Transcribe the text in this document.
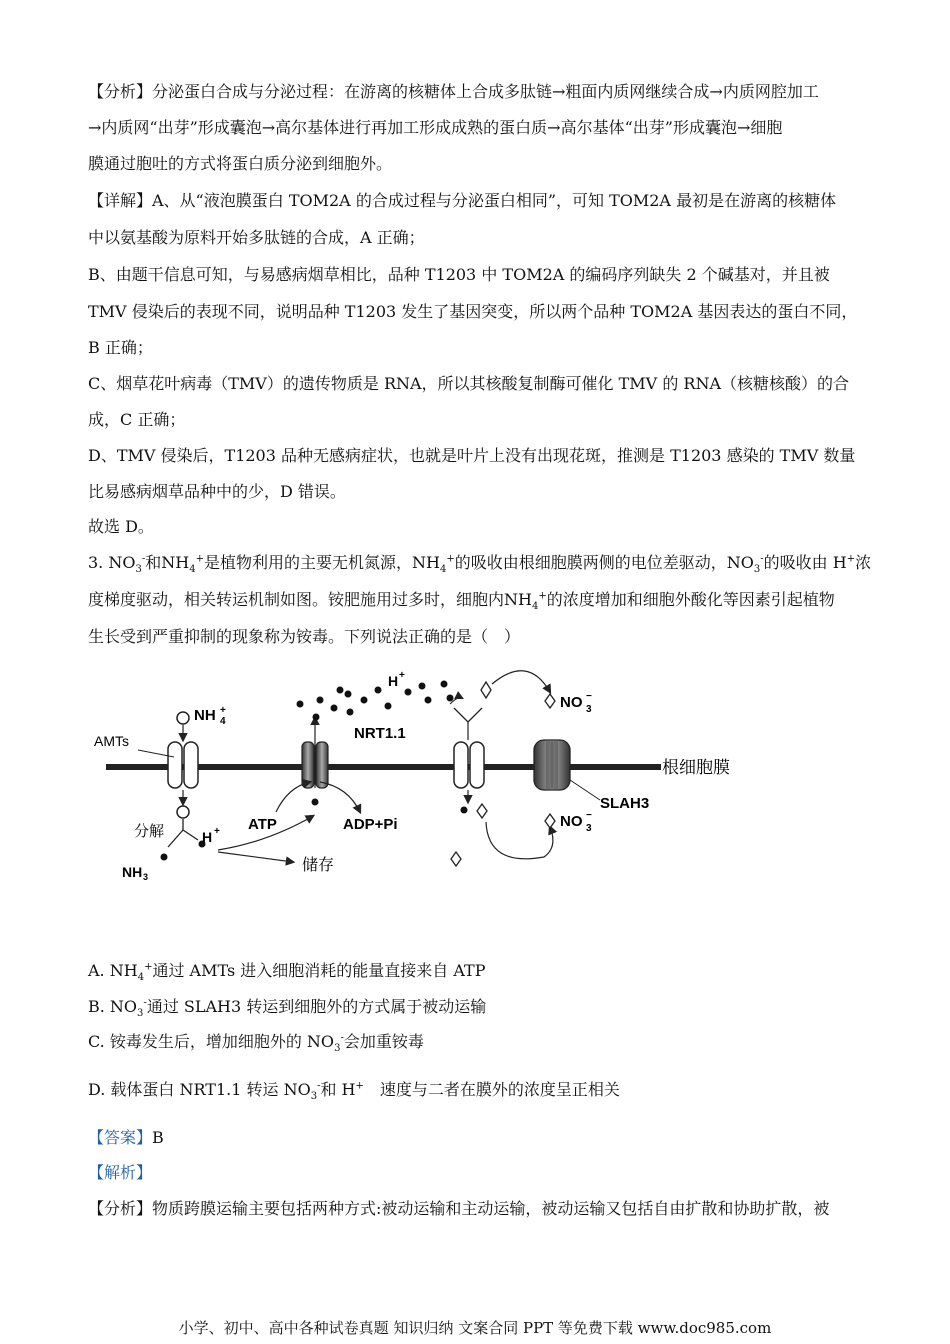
【分析】分泌蛋白合成与分泌过程：在游离的核糖体上合成多肽链→粗面内质网继续合成→内质网腔加工
→内质网“出芽”形成囊泡→高尔基体进行再加工形成成熟的蛋白质→高尔基体“出芽”形成囊泡→细胞
膜通过胞吐的方式将蛋白质分泌到细胞外。
【详解】A、从“液泡膜蛋白 TOM2A 的合成过程与分泌蛋白相同”，可知 TOM2A 最初是在游离的核糖体
中以氨基酸为原料开始多肽链的合成，A 正确；
B、由题干信息可知，与易感病烟草相比，品种 T1203 中 TOM2A 的编码序列缺失 2 个碱基对，并且被
TMV 侵染后的表现不同，说明品种 T1203 发生了基因突变，所以两个品种 TOM2A 基因表达的蛋白不同，
B 正确；
C、烟草花叶病毒（TMV）的遗传物质是 RNA，所以其核酸复制酶可催化 TMV 的 RNA（核糖核酸）的合
成，C 正确；
D、TMV 侵染后，T1203 品种无感病症状，也就是叶片上没有出现花斑，推测是 T1203 感染的 TMV 数量
比易感病烟草品种中的少，D 错误。
故选 D。
3. $NO_3^-$和$NH_4^+$是植物利用的主要无机氮源，$NH_4^+$的吸收由根细胞膜两侧的电位差驱动，$NO_3^-$的吸收由 H+浓
度梯度驱动，相关转运机制如图。铵肥施用过多时，细胞内$NH_4^+$的浓度增加和细胞外酸化等因素引起植物
生长受到严重抑制的现象称为铵毒。下列说法正确的是（　）
根细胞膜
AMTs
NH +
4
分解
NH 3
H + ATP	ADP+Pi
储存
H +
NRT1.1
SLAH3
NO −
3
NO −
3
A. $NH_4^+$通过 AMTs 进入细胞消耗的能量直接来自 ATP
B. $NO_3^-$通过 SLAH3 转运到细胞外的方式属于被动运输
C. 铵毒发生后，增加细胞外的 $NO_3^-$会加重铵毒
D. 载体蛋白 NRT1.1 转运 $NO_3^-$和 H+　速度与二者在膜外的浓度呈正相关
【答案】B
【解析】
【分析】物质跨膜运输主要包括两种方式:被动运输和主动运输，被动运输又包括自由扩散和协助扩散，被
小学、初中、高中各种试卷真题 知识归纳 文案合同 PPT 等免费下载 www.doc985.com
